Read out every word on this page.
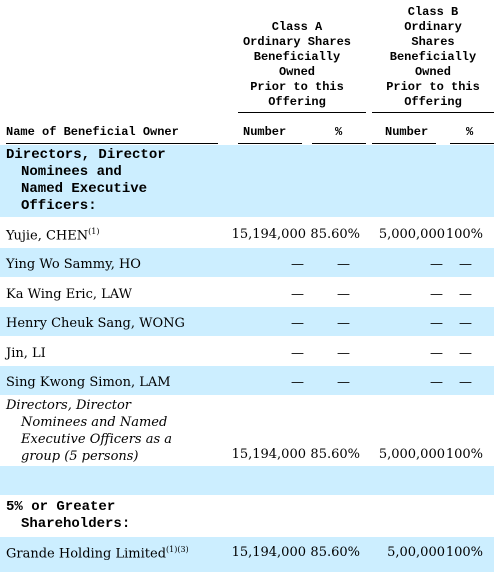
Class A
Ordinary Shares
Beneficially
Owned
Prior to this
Offering
Class B
Ordinary
Shares
Beneficially
Owned
Prior to this
Offering
Name of Beneficial Owner	Number	%	Number	%
Directors, Director
Nominees and
Named Executive
Officers:
Yujie, CHEN$^{(1)}$	15,194,000 85.60% 5,000,000 100%
Ying Wo Sammy, HO	—	—	— —
Ka Wing Eric, LAW	—	—	— —
Henry Cheuk Sang, WONG	—	—	— —
Jin, LI	—	—	— —
Sing Kwong Simon, LAM	—	—	— —
Directors, Director
Nominees and Named
Executive Officers as a
group (5 persons)	15,194,000 85.60% 5,000,000 100%
5% or Greater
Shareholders:
Grande Holding Limited$^{(1)(3)}$	15,194,000 85.60% 5,00,000 100%
